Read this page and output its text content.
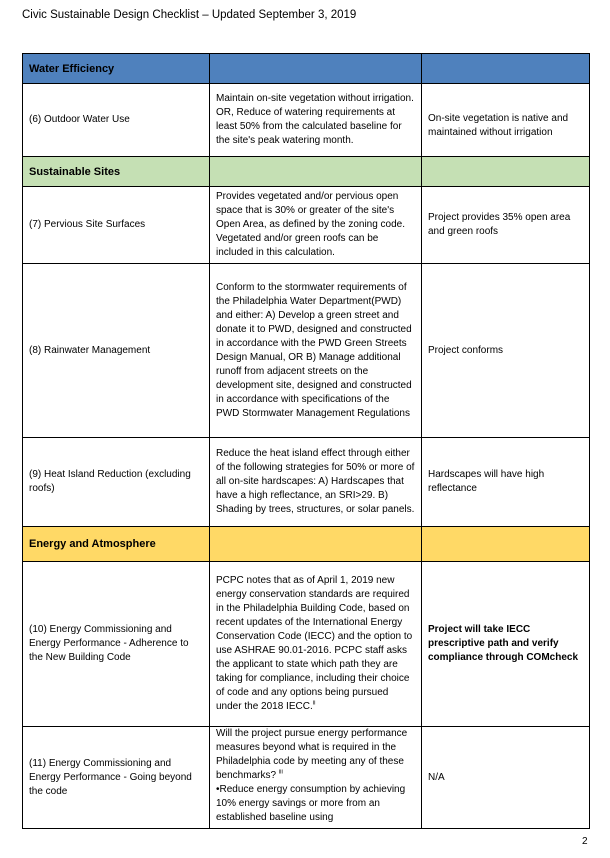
Civic Sustainable Design Checklist – Updated September 3, 2019
Water Efficiency		
(6) Outdoor Water Use	Maintain on-site vegetation without irrigation. OR, Reduce of watering requirements at least 50% from the calculated baseline for the site's peak watering month.	On-site vegetation is native and maintained without irrigation
Sustainable Sites		
(7) Pervious Site Surfaces	Provides vegetated and/or pervious open space that is 30% or greater of the site's Open Area, as defined by the zoning code. Vegetated and/or green roofs can be included in this calculation.	Project provides 35% open area and green roofs
(8) Rainwater Management	Conform to the stormwater requirements of the Philadelphia Water Department(PWD) and either: A) Develop a green street and donate it to PWD, designed and constructed in accordance with the PWD Green Streets Design Manual, OR B) Manage additional runoff from adjacent streets on the development site, designed and constructed in accordance with specifications of the PWD Stormwater Management Regulations	Project conforms
(9) Heat Island Reduction (excluding roofs)	Reduce the heat island effect through either of the following strategies for 50% or more of all on-site hardscapes: A) Hardscapes that have a high reflectance, an SRI>29. B) Shading by trees, structures, or solar panels.	Hardscapes will have high reflectance
Energy and Atmosphere		
(10) Energy Commissioning and Energy Performance - Adherence to the New Building Code	PCPC notes that as of April 1, 2019 new energy conservation standards are required in the Philadelphia Building Code, based on recent updates of the International Energy Conservation Code (IECC) and the option to use ASHRAE 90.01-2016. PCPC staff asks the applicant to state which path they are taking for compliance, including their choice of code and any options being pursued under the 2018 IECC.$^{ii}$	Project will take IECC prescriptive path and verify compliance through COMcheck
(11) Energy Commissioning and Energy Performance - Going beyond the code	Will the project pursue energy performance measures beyond what is required in the Philadelphia code by meeting any of these benchmarks? $^{iii}$
•Reduce energy consumption by achieving 10% energy savings or more from an established baseline using	N/A
2
